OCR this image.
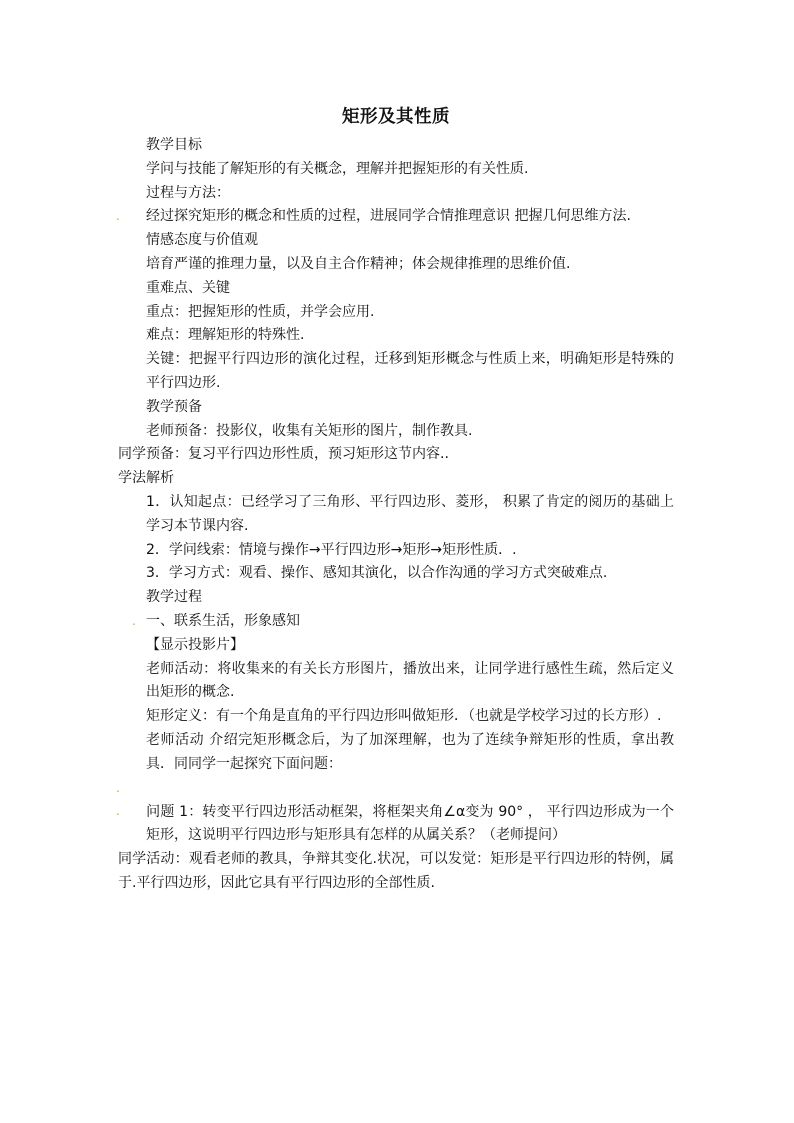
矩形及其性质

教学目标

学问与技能了解矩形的有关概念，理解并把握矩形的有关性质.

过程与方法：

. 经过探究矩形的概念和性质的过程，进展同学合情推理意识 把握几何思维方法.

情感态度与价值观

培育严谨的推理力量，以及自主合作精神；体会规律推理的思维价值.

重难点、关键

重点：把握矩形的性质，并学会应用.

难点：理解矩形的特殊性.

关键：把握平行四边形的演化过程，迁移到矩形概念与性质上来，明确矩形是特殊的平行四边形.

教学预备

老师预备：投影仪，收集有关矩形的图片，制作教具.

同学预备：复习平行四边形性质，预习矩形这节内容..

学法解析

1．认知起点：已经学习了三角形、平行四边形、菱形， 积累了肯定的阅历的基础上学习本节课内容.

2．学问线索：情境与操作→平行四边形→矩形→矩形性质．.

3．学习方式：观看、操作、感知其演化，以合作沟通的学习方式突破难点.

教学过程

. 一、联系生活，形象感知

【显示投影片】

老师活动：将收集来的有关长方形图片，播放出来，让同学进行感性生疏，然后定义出矩形的概念.

矩形定义：有一个角是直角的平行四边形叫做矩形．（也就是学校学习过的长方形）.

老师活动 介绍完矩形概念后，为了加深理解，也为了连续争辩矩形的性质，拿出教具．同同学一起探究下面问题：

. . 问题 1：转变平行四边形活动框架，将框架夹角∠α变为 90° ， 平行四边形成为一个矩形，这说明平行四边形与矩形具有怎样的从属关系？（老师提问）

同学活动：观看老师的教具，争辩其变化.状况，可以发觉：矩形是平行四边形的特例，属于.平行四边形，因此它具有平行四边形的全部性质.
